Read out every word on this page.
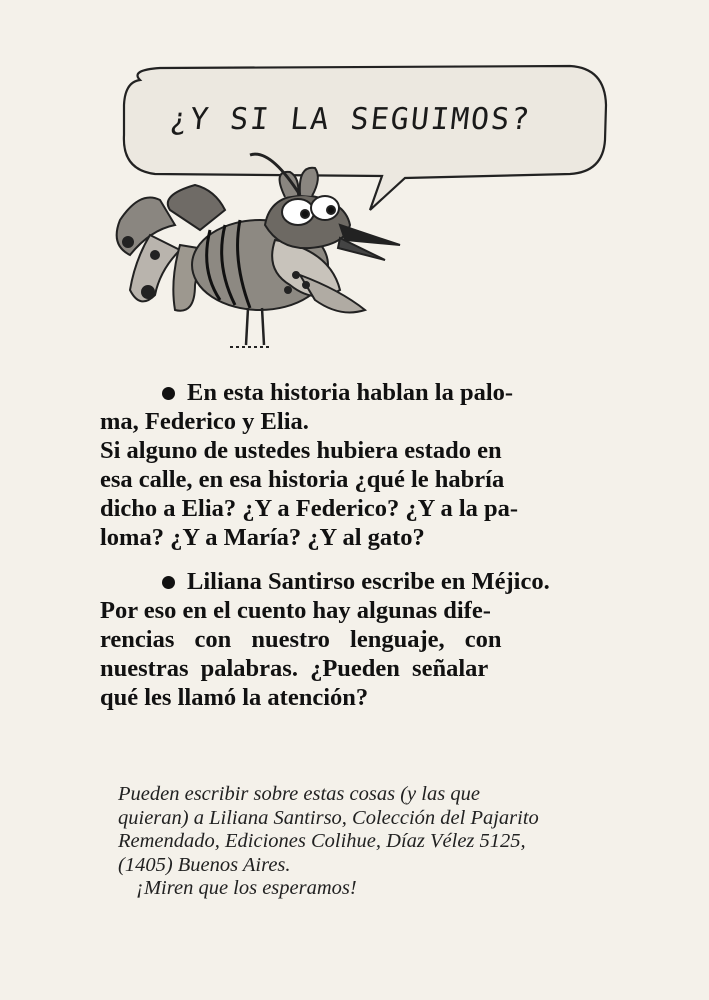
¿Y SI LA SEGUIMOS?
En esta historia hablan la palo-
ma, Federico y Elia.
Si alguno de ustedes hubiera estado en
esa calle, en esa historia ¿qué le habría
dicho a Elia? ¿Y a Federico? ¿Y a la pa-
loma? ¿Y a María? ¿Y al gato?
Liliana Santirso escribe en Méjico.
Por eso en el cuento hay algunas dife-
rencias con nuestro lenguaje, con
nuestras palabras. ¿Pueden señalar
qué les llamó la atención?
Pueden escribir sobre estas cosas (y las que
quieran) a Liliana Santirso, Colección del Pajarito
Remendado, Ediciones Colihue, Díaz Vélez 5125,
(1405) Buenos Aires.
¡Miren que los esperamos!
